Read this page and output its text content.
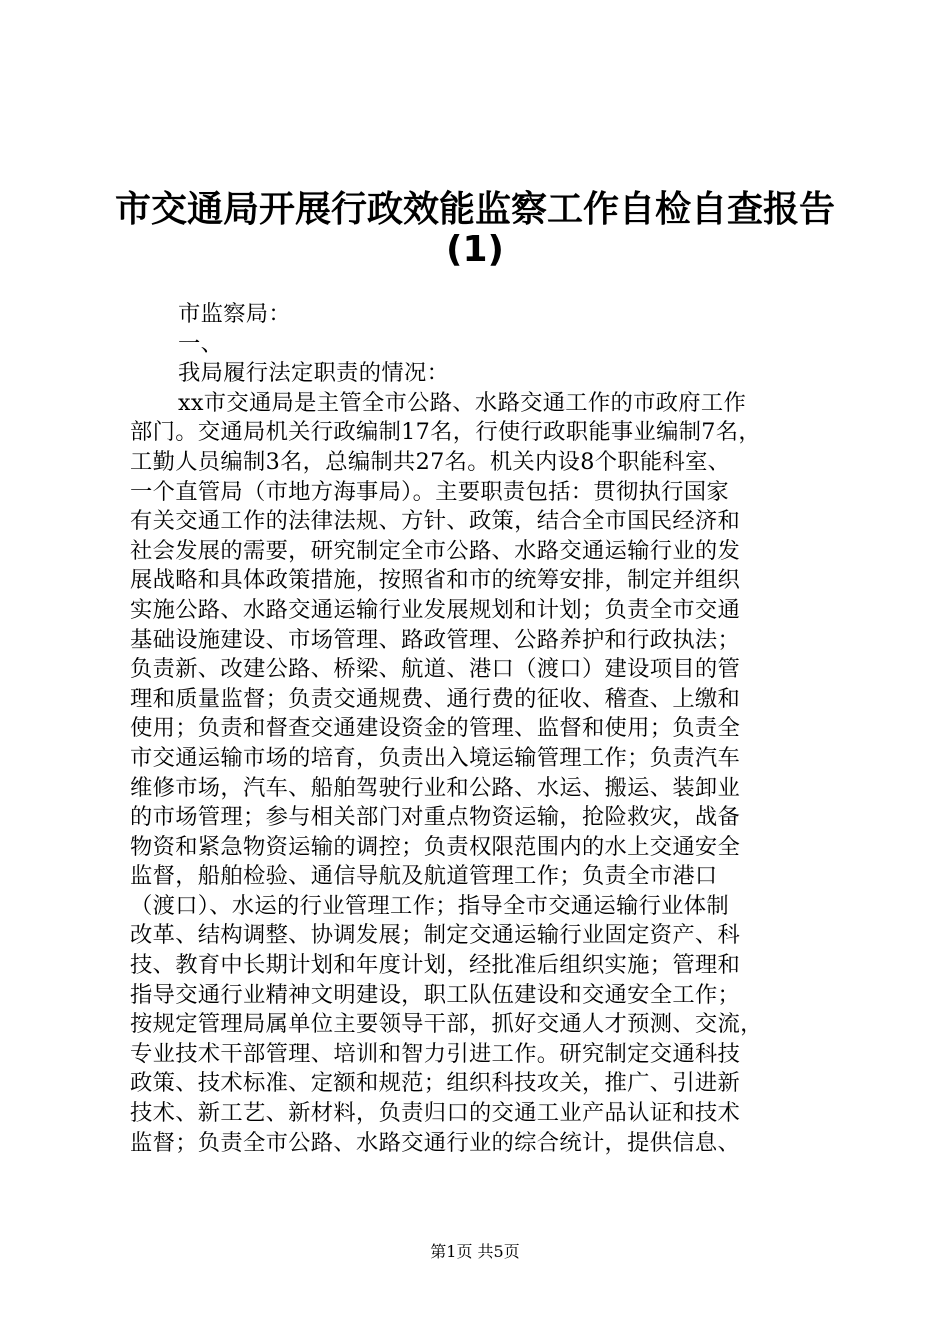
市交通局开展行政效能监察工作自检自查报告
(1)

市监察局：

一、

我局履行法定职责的情况：

xx市交通局是主管全市公路、水路交通工作的市政府工作

部门。交通局机关行政编制17名，行使行政职能事业编制7名，

工勤人员编制3名，总编制共27名。机关内设8个职能科室、

一个直管局（市地方海事局）。主要职责包括：贯彻执行国家

有关交通工作的法律法规、方针、政策，结合全市国民经济和

社会发展的需要，研究制定全市公路、水路交通运输行业的发

展战略和具体政策措施，按照省和市的统筹安排，制定并组织

实施公路、水路交通运输行业发展规划和计划；负责全市交通

基础设施建设、市场管理、路政管理、公路养护和行政执法；

负责新、改建公路、桥梁、航道、港口（渡口）建设项目的管

理和质量监督；负责交通规费、通行费的征收、稽查、上缴和

使用；负责和督查交通建设资金的管理、监督和使用；负责全

市交通运输市场的培育，负责出入境运输管理工作；负责汽车

维修市场，汽车、船舶驾驶行业和公路、水运、搬运、装卸业

的市场管理；参与相关部门对重点物资运输，抢险救灾，战备

物资和紧急物资运输的调控；负责权限范围内的水上交通安全

监督，船舶检验、通信导航及航道管理工作；负责全市港口

（渡口）、水运的行业管理工作；指导全市交通运输行业体制

改革、结构调整、协调发展；制定交通运输行业固定资产、科

技、教育中长期计划和年度计划，经批准后组织实施；管理和

指导交通行业精神文明建设，职工队伍建设和交通安全工作；

按规定管理局属单位主要领导干部，抓好交通人才预测、交流，

专业技术干部管理、培训和智力引进工作。研究制定交通科技

政策、技术标准、定额和规范；组织科技攻关，推广、引进新

技术、新工艺、新材料，负责归口的交通工业产品认证和技术

监督；负责全市公路、水路交通行业的综合统计，提供信息、

第1页 共5页
